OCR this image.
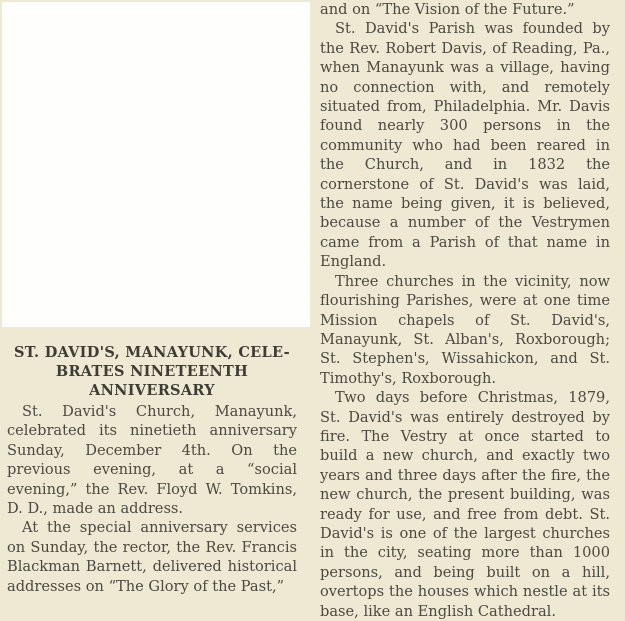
ST. DAVID'S, MANAYUNK, CELE-BRATES NINETEENTH ANNIVERSARY

St. David's Church, Manayunk, celebrated its ninetieth anniversary Sunday, December 4th. On the previous evening, at a “social evening,” the Rev. Floyd W. Tomkins, D. D., made an address.

At the special anniversary services on Sunday, the rector, the Rev. Francis Blackman Barnett, delivered historical addresses on “The Glory of the Past,”

and on “The Vision of the Future.”

St. David's Parish was founded by the Rev. Robert Davis, of Reading, Pa., when Manayunk was a village, having no connection with, and remotely situated from, Philadelphia. Mr. Davis found nearly 300 persons in the community who had been reared in the Church, and in 1832 the cornerstone of St. David's was laid, the name being given, it is believed, because a number of the Vestrymen came from a Parish of that name in England.

Three churches in the vicinity, now flourishing Parishes, were at one time Mission chapels of St. David's, Manayunk, St. Alban's, Roxborough; St. Stephen's, Wissahickon, and St. Timothy's, Roxborough.

Two days before Christmas, 1879, St. David's was entirely destroyed by fire. The Vestry at once started to build a new church, and exactly two years and three days after the fire, the new church, the present building, was ready for use, and free from debt. St. David's is one of the largest churches in the city, seating more than 1000 persons, and being built on a hill, overtops the houses which nestle at its base, like an English Cathedral.
